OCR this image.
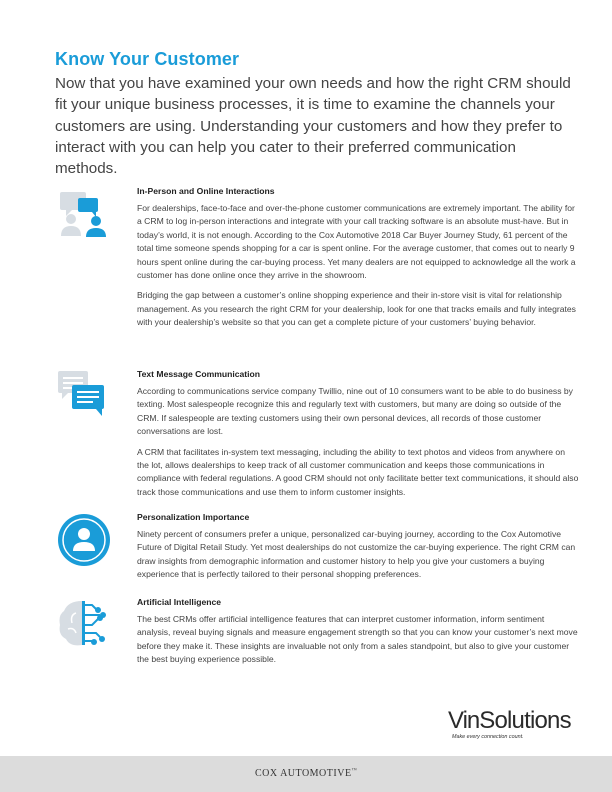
Know Your Customer

Now that you have examined your own needs and how the right CRM should fit your unique business processes, it is time to examine the channels your customers are using. Understanding your customers and how they prefer to interact with you can help you cater to their preferred communication methods.

In-Person and Online Interactions

For dealerships, face-to-face and over-the-phone customer communications are extremely important. The ability for a CRM to log in-person interactions and integrate with your call tracking software is an absolute must-have. But in today’s world, it is not enough. According to the Cox Automotive 2018 Car Buyer Journey Study, 61 percent of the total time someone spends shopping for a car is spent online. For the average customer, that comes out to nearly 9 hours spent online during the car-buying process. Yet many dealers are not equipped to acknowledge all the work a customer has done online once they arrive in the showroom.

Bridging the gap between a customer’s online shopping experience and their in-store visit is vital for relationship management. As you research the right CRM for your dealership, look for one that tracks emails and fully integrates with your dealership’s website so that you can get a complete picture of your customers’ buying behavior.

Text Message Communication

According to communications service company Twillio, nine out of 10 consumers want to be able to do business by texting. Most salespeople recognize this and regularly text with customers, but many are doing so outside of the CRM. If salespeople are texting customers using their own personal devices, all records of those customer conversations are lost.

A CRM that facilitates in-system text messaging, including the ability to text photos and videos from anywhere on the lot, allows dealerships to keep track of all customer communication and keeps those communications in compliance with federal regulations. A good CRM should not only facilitate better text communications, it should also track those communications and use them to inform customer insights.

Personalization Importance

Ninety percent of consumers prefer a unique, personalized car-buying journey, according to the Cox Automotive Future of Digital Retail Study. Yet most dealerships do not customize the car-buying experience. The right CRM can draw insights from demographic information and customer history to help you give your customers a buying experience that is perfectly tailored to their personal shopping preferences.

Artificial Intelligence

The best CRMs offer artificial intelligence features that can interpret customer information, inform sentiment analysis, reveal buying signals and measure engagement strength so that you can know your customer’s next move before they make it. These insights are invaluable not only from a sales standpoint, but also to give your customer the best buying experience possible.

VinSolutions
Make every connection count.
COX AUTOMOTIVE™
